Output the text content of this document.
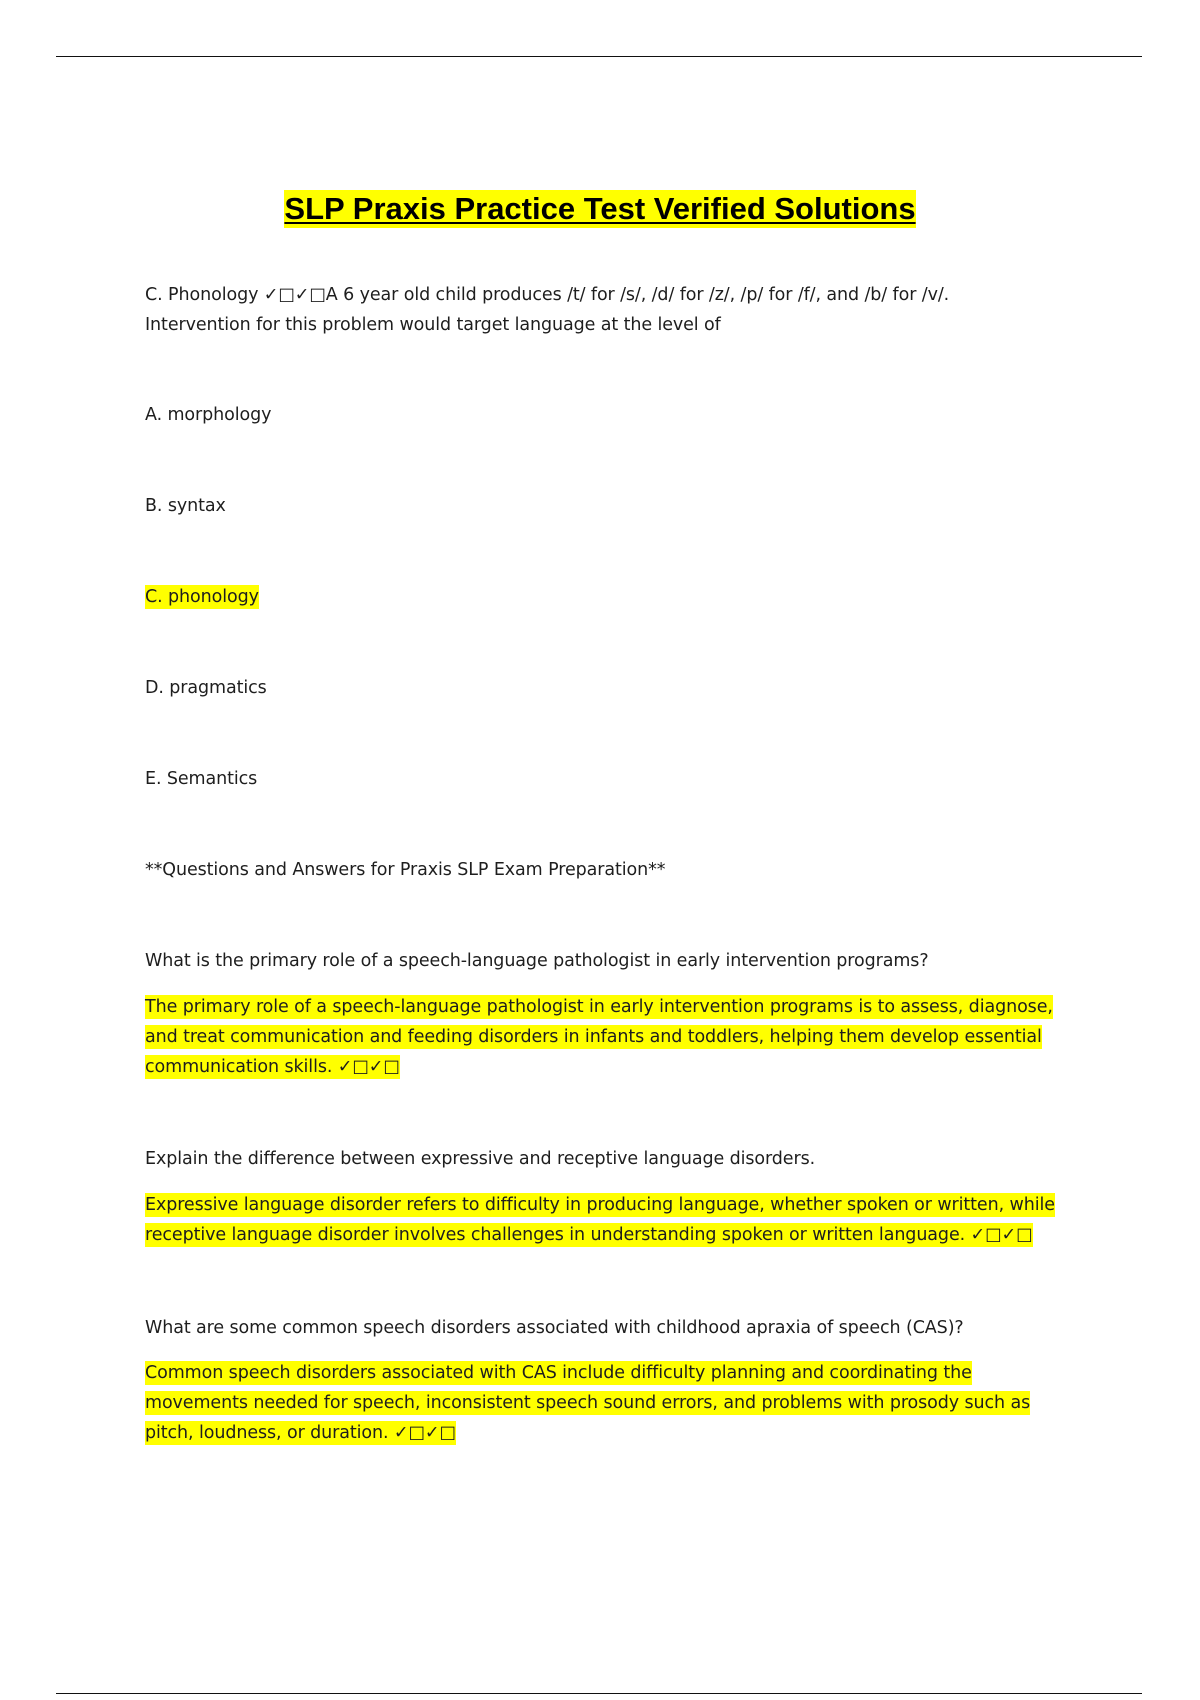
SLP Praxis Practice Test Verified Solutions
C. Phonology ✓□✓□A 6 year old child produces /t/ for /s/, /d/ for /z/, /p/ for /f/, and /b/ for /v/.
Intervention for this problem would target language at the level of
A. morphology
B. syntax
C. phonology
D. pragmatics
E. Semantics
**Questions and Answers for Praxis SLP Exam Preparation**
What is the primary role of a speech-language pathologist in early intervention programs?
The primary role of a speech-language pathologist in early intervention programs is to assess, diagnose,
and treat communication and feeding disorders in infants and toddlers, helping them develop essential
communication skills. ✓□✓□
Explain the difference between expressive and receptive language disorders.
Expressive language disorder refers to difficulty in producing language, whether spoken or written, while
receptive language disorder involves challenges in understanding spoken or written language. ✓□✓□
What are some common speech disorders associated with childhood apraxia of speech (CAS)?
Common speech disorders associated with CAS include difficulty planning and coordinating the
movements needed for speech, inconsistent speech sound errors, and problems with prosody such as
pitch, loudness, or duration. ✓□✓□
